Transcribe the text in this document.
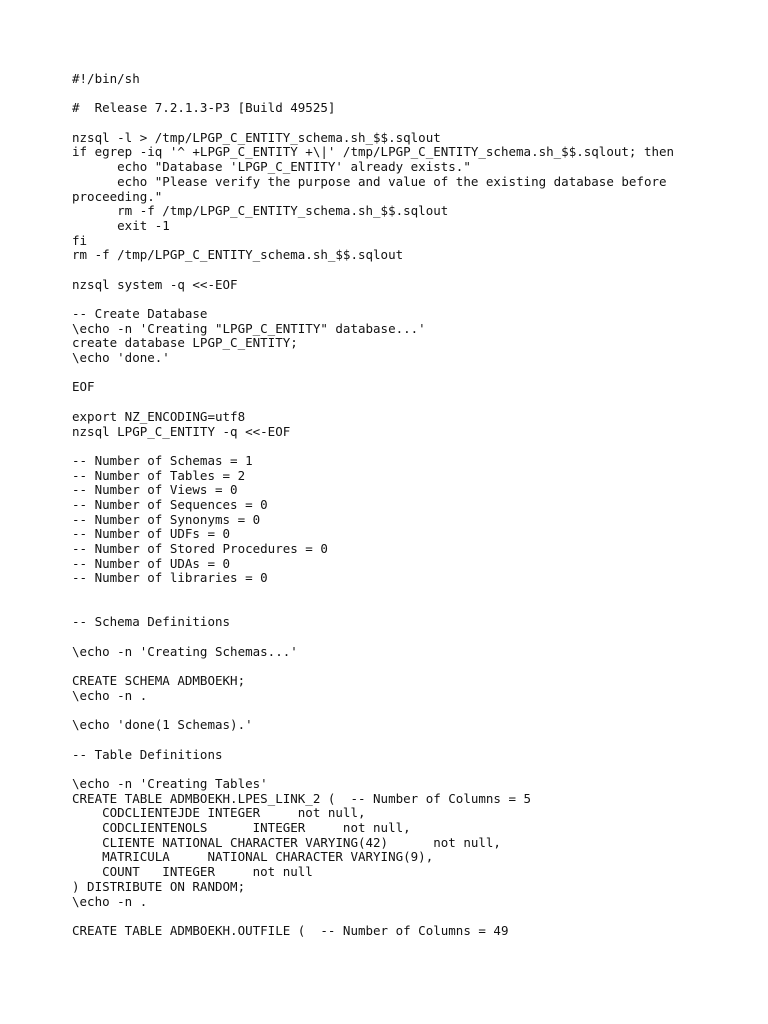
#!/bin/sh
#  Release 7.2.1.3-P3 [Build 49525]
nzsql -l > /tmp/LPGP_C_ENTITY_schema.sh_$$.sqlout
if egrep -iq '^ +LPGP_C_ENTITY +\|' /tmp/LPGP_C_ENTITY_schema.sh_$$.sqlout; then
echo "Database 'LPGP_C_ENTITY' already exists."
echo "Please verify the purpose and value of the existing database before
proceeding."
rm -f /tmp/LPGP_C_ENTITY_schema.sh_$$.sqlout
exit -1
fi
rm -f /tmp/LPGP_C_ENTITY_schema.sh_$$.sqlout
nzsql system -q <<-EOF
-- Create Database
\echo -n 'Creating "LPGP_C_ENTITY" database...'
create database LPGP_C_ENTITY;
\echo 'done.'
EOF
export NZ_ENCODING=utf8
nzsql LPGP_C_ENTITY -q <<-EOF
-- Number of Schemas = 1
-- Number of Tables = 2
-- Number of Views = 0
-- Number of Sequences = 0
-- Number of Synonyms = 0
-- Number of UDFs = 0
-- Number of Stored Procedures = 0
-- Number of UDAs = 0
-- Number of libraries = 0
-- Schema Definitions
\echo -n 'Creating Schemas...'
CREATE SCHEMA ADMBOEKH;
\echo -n .
\echo 'done(1 Schemas).'
-- Table Definitions
\echo -n 'Creating Tables'
CREATE TABLE ADMBOEKH.LPES_LINK_2 (  -- Number of Columns = 5
CODCLIENTEJDE INTEGER     not null,
CODCLIENTENOLS      INTEGER     not null,
CLIENTE NATIONAL CHARACTER VARYING(42)      not null,
MATRICULA     NATIONAL CHARACTER VARYING(9),
COUNT   INTEGER     not null
) DISTRIBUTE ON RANDOM;
\echo -n .
CREATE TABLE ADMBOEKH.OUTFILE (  -- Number of Columns = 49
